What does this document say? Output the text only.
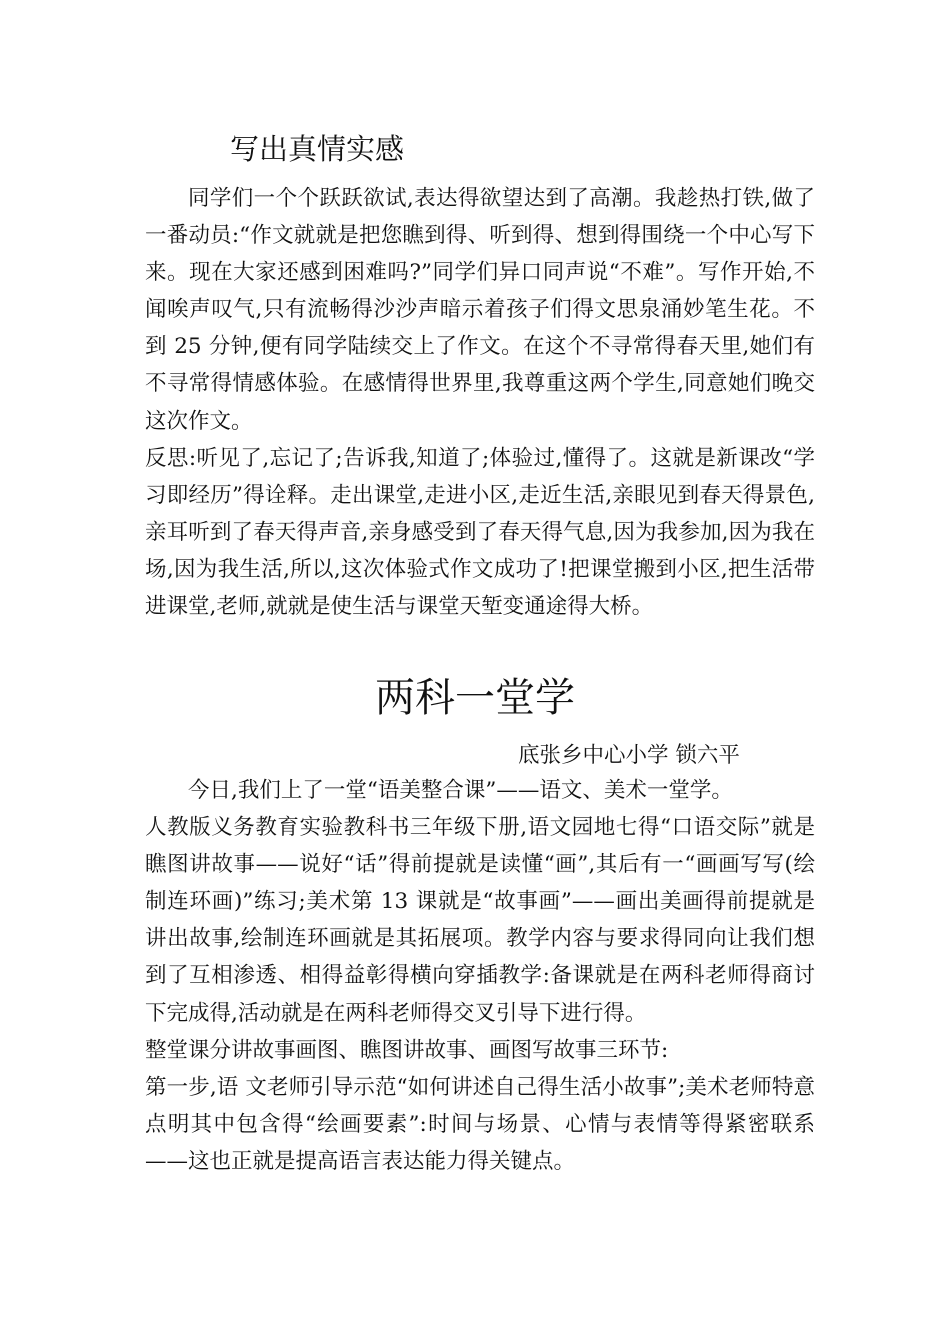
写出真情实感

同学们一个个跃跃欲试,表达得欲望达到了高潮。我趁热打铁,做了一番动员:“作文就就是把您瞧到得、听到得、想到得围绕一个中心写下来。现在大家还感到困难吗?”同学们异口同声说“不难”。写作开始,不闻唉声叹气,只有流畅得沙沙声暗示着孩子们得文思泉涌妙笔生花。不到 25 分钟,便有同学陆续交上了作文。在这个不寻常得春天里,她们有不寻常得情感体验。在感情得世界里,我尊重这两个学生,同意她们晚交这次作文。

反思:听见了,忘记了;告诉我,知道了;体验过,懂得了。这就是新课改“学习即经历”得诠释。走出课堂,走进小区,走近生活,亲眼见到春天得景色,亲耳听到了春天得声音,亲身感受到了春天得气息,因为我参加,因为我在场,因为我生活,所以,这次体验式作文成功了!把课堂搬到小区,把生活带进课堂,老师,就就是使生活与课堂天堑变通途得大桥。

两科一堂学
底张乡中心小学 锁六平

今日,我们上了一堂“语美整合课”——语文、美术一堂学。

人教版义务教育实验教科书三年级下册,语文园地七得“口语交际”就是瞧图讲故事——说好“话”得前提就是读懂“画”,其后有一“画画写写(绘制连环画)”练习;美术第 13 课就是“故事画”——画出美画得前提就是讲出故事,绘制连环画就是其拓展项。教学内容与要求得同向让我们想到了互相渗透、相得益彰得横向穿插教学:备课就是在两科老师得商讨下完成得,活动就是在两科老师得交叉引导下进行得。

整堂课分讲故事画图、瞧图讲故事、画图写故事三环节:

第一步,语 文老师引导示范“如何讲述自己得生活小故事”;美术老师特意点明其中包含得“绘画要素”:时间与场景、心情与表情等得紧密联系——这也正就是提高语言表达能力得关键点。
